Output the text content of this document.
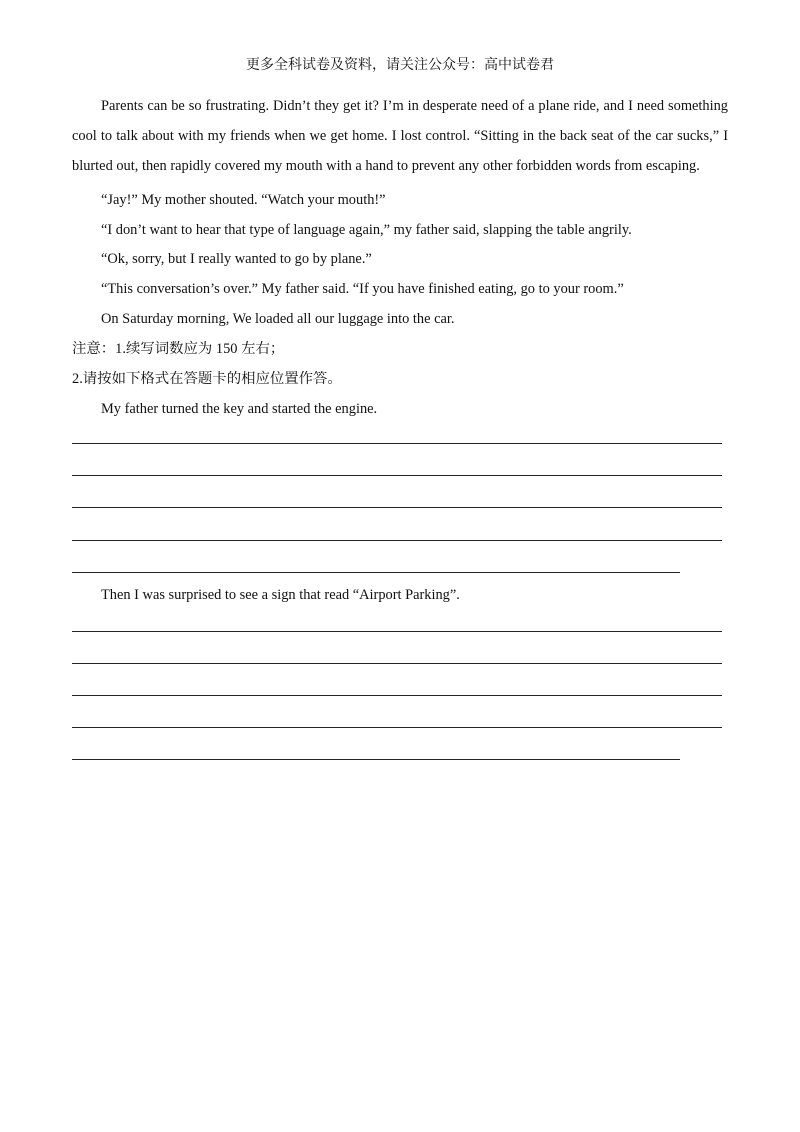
更多全科试卷及资料，请关注公众号：高中试卷君
Parents can be so frustrating. Didn’t they get it? I’m in desperate need of a plane ride, and I need something cool to talk about with my friends when we get home. I lost control. “Sitting in the back seat of the car sucks,” I blurted out, then rapidly covered my mouth with a hand to prevent any other forbidden words from escaping.
“Jay!” My mother shouted. “Watch your mouth!”
“I don’t want to hear that type of language again,” my father said, slapping the table angrily.
“Ok, sorry, but I really wanted to go by plane.”
“This conversation’s over.” My father said. “If you have finished eating, go to your room.”
On Saturday morning, We loaded all our luggage into the car.
注意：1.续写词数应为 150 左右；
2.请按如下格式在答题卡的相应位置作答。
My father turned the key and started the engine.
Then I was surprised to see a sign that read “Airport Parking”.
